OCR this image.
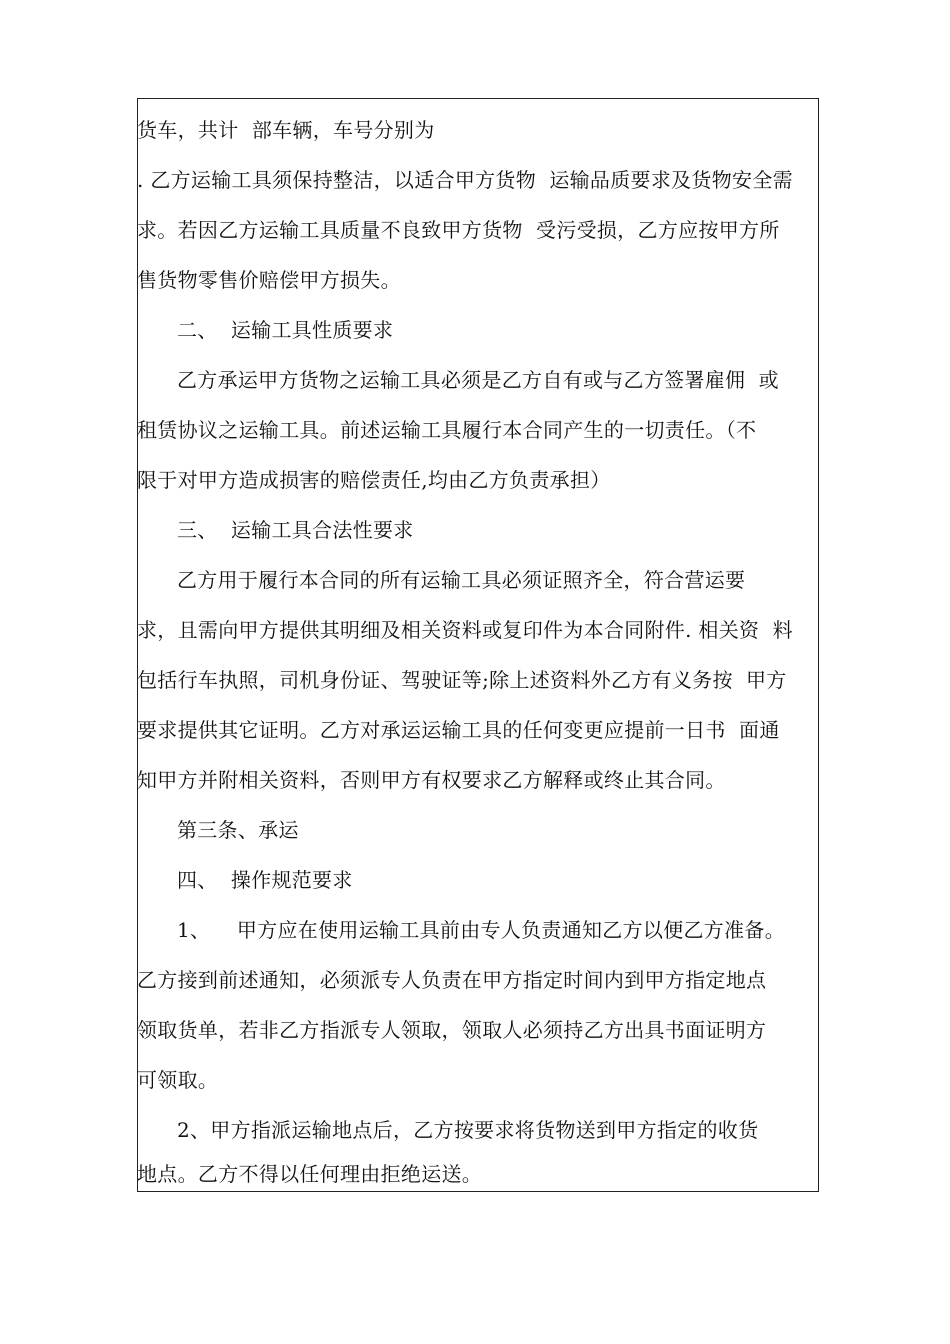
货车，共计  部车辆，车号分别为
. 乙方运输工具须保持整洁，以适合甲方货物  运输品质要求及货物安全需
求。若因乙方运输工具质量不良致甲方货物  受污受损，乙方应按甲方所
售货物零售价赔偿甲方损失。
二、  运输工具性质要求
乙方承运甲方货物之运输工具必须是乙方自有或与乙方签署雇佣  或
租赁协议之运输工具。前述运输工具履行本合同产生的一切责任。（不
限于对甲方造成损害的赔偿责任,均由乙方负责承担）
三、  运输工具合法性要求
乙方用于履行本合同的所有运输工具必须证照齐全，符合营运要
求，且需向甲方提供其明细及相关资料或复印件为本合同附件. 相关资  料
包括行车执照，司机身份证、驾驶证等;除上述资料外乙方有义务按  甲方
要求提供其它证明。乙方对承运运输工具的任何变更应提前一日书  面通
知甲方并附相关资料，否则甲方有权要求乙方解释或终止其合同。
第三条、承运
四、  操作规范要求
1、    甲方应在使用运输工具前由专人负责通知乙方以便乙方准备。
乙方接到前述通知，必须派专人负责在甲方指定时间内到甲方指定地点
领取货单，若非乙方指派专人领取，领取人必须持乙方出具书面证明方
可领取。
2、甲方指派运输地点后，乙方按要求将货物送到甲方指定的收货
地点。乙方不得以任何理由拒绝运送。
